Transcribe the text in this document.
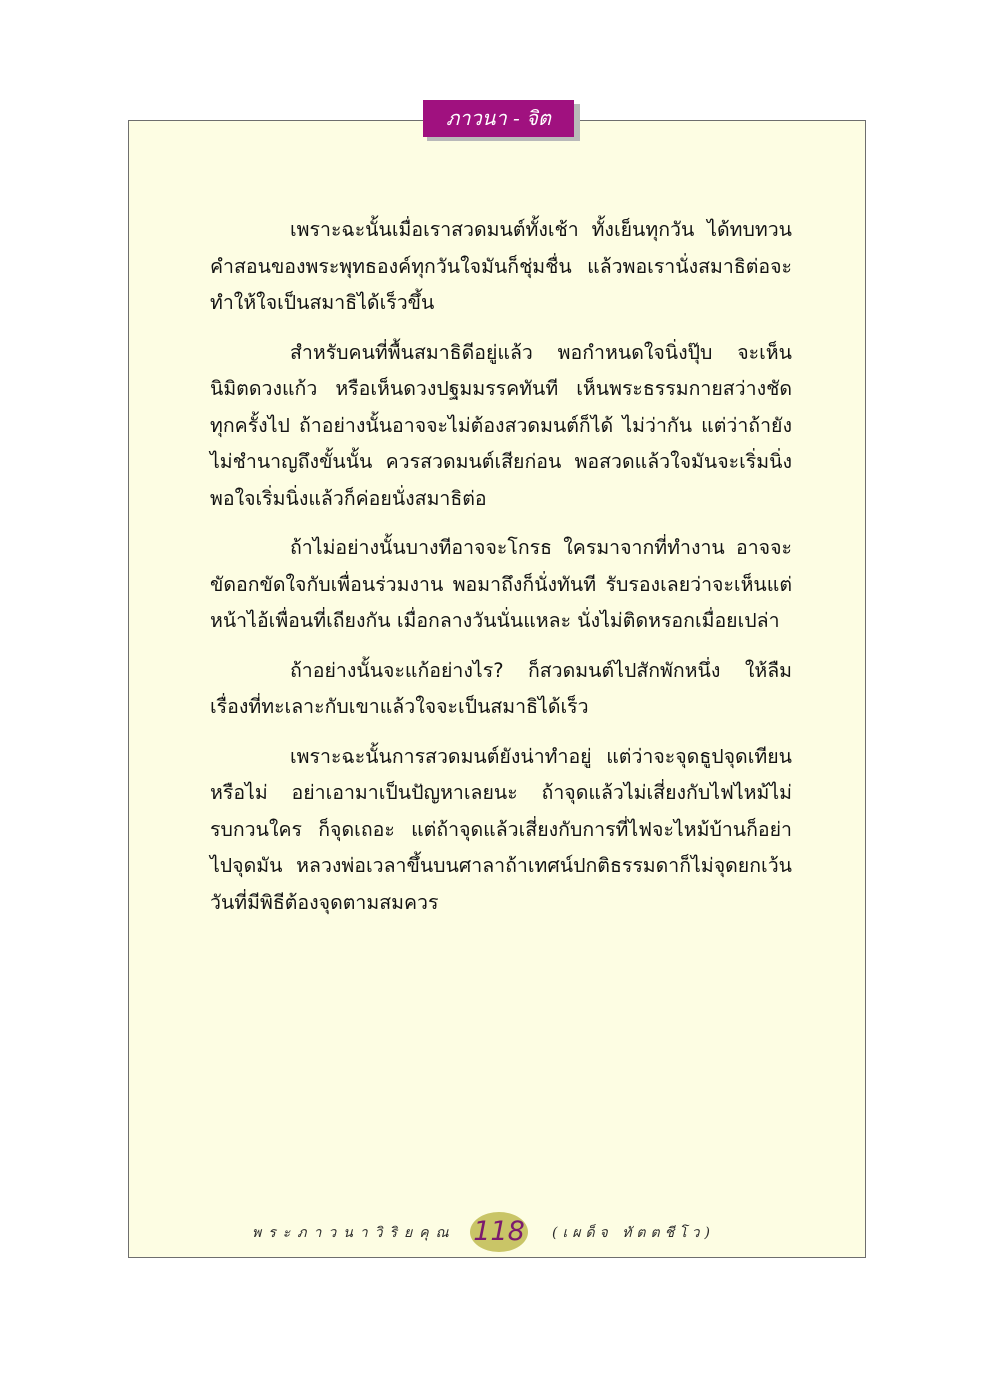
ภาวนา - จิต

เพราะฉะนั้นเมื่อเราสวดมนต์ทั้งเช้า ทั้งเย็นทุกวัน ได้ทบทวนคำสอนของพระพุทธองค์ทุกวันใจมันก็ชุ่มชื่น แล้วพอเรานั่งสมาธิต่อจะทำให้ใจเป็นสมาธิได้เร็วขึ้น

สำหรับคนที่พื้นสมาธิดีอยู่แล้ว พอกำหนดใจนิ่งปุ๊บ จะเห็นนิมิตดวงแก้ว หรือเห็นดวงปฐมมรรคทันที เห็นพระธรรมกายสว่างชัดทุกครั้งไป ถ้าอย่างนั้นอาจจะไม่ต้องสวดมนต์ก็ได้ ไม่ว่ากัน แต่ว่าถ้ายังไม่ชำนาญถึงขั้นนั้น ควรสวดมนต์เสียก่อน พอสวดแล้วใจมันจะเริ่มนิ่งพอใจเริ่มนิ่งแล้วก็ค่อยนั่งสมาธิต่อ

ถ้าไม่อย่างนั้นบางทีอาจจะโกรธ ใครมาจากที่ทำงาน อาจจะขัดอกขัดใจกับเพื่อนร่วมงาน พอมาถึงก็นั่งทันที รับรองเลยว่าจะเห็นแต่หน้าไอ้เพื่อนที่เถียงกัน เมื่อกลางวันนั่นแหละ นั่งไม่ติดหรอกเมื่อยเปล่า

ถ้าอย่างนั้นจะแก้อย่างไร? ก็สวดมนต์ไปสักพักหนึ่ง ให้ลืมเรื่องที่ทะเลาะกับเขาแล้วใจจะเป็นสมาธิได้เร็ว

เพราะฉะนั้นการสวดมนต์ยังน่าทำอยู่ แต่ว่าจะจุดธูปจุดเทียนหรือไม่ อย่าเอามาเป็นปัญหาเลยนะ ถ้าจุดแล้วไม่เสี่ยงกับไฟไหม้ไม่รบกวนใคร ก็จุดเถอะ แต่ถ้าจุดแล้วเสี่ยงกับการที่ไฟจะไหม้บ้านก็อย่าไปจุดมัน หลวงพ่อเวลาขึ้นบนศาลาถ้าเทศน์ปกติธรรมดาก็ไม่จุดยกเว้นวันที่มีพิธีต้องจุดตามสมควร

พระภาวนาวิริยคุณ 118 (เผด็จ ทัตตชีโว)
